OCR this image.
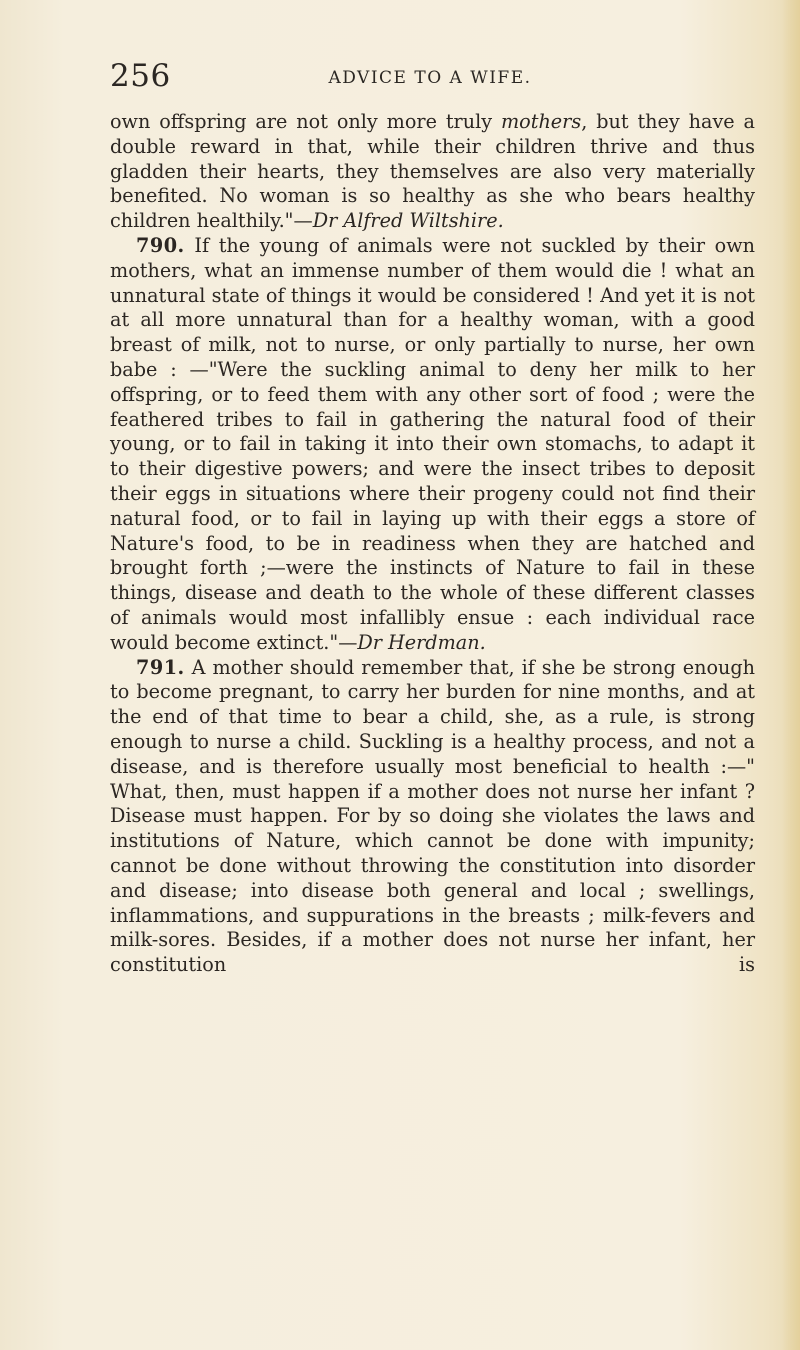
256	ADVICE TO A WIFE.

own offspring are not only more truly mothers, but they have a double reward in that, while their children thrive and thus gladden their hearts, they themselves are also very materially benefited. No woman is so healthy as she who bears healthy children healthily."—Dr Alfred Wiltshire.

790. If the young of animals were not suckled by their own mothers, what an immense number of them would die ! what an unnatural state of things it would be considered ! And yet it is not at all more unnatural than for a healthy woman, with a good breast of milk, not to nurse, or only partially to nurse, her own babe : —"Were the suckling animal to deny her milk to her offspring, or to feed them with any other sort of food ; were the feathered tribes to fail in gathering the natural food of their young, or to fail in taking it into their own stomachs, to adapt it to their digestive powers; and were the insect tribes to deposit their eggs in situations where their progeny could not find their natural food, or to fail in laying up with their eggs a store of Nature's food, to be in readiness when they are hatched and brought forth ;—were the instincts of Nature to fail in these things, disease and death to the whole of these different classes of animals would most infallibly ensue : each individual race would become extinct."—Dr Herdman.

791. A mother should remember that, if she be strong enough to become pregnant, to carry her burden for nine months, and at the end of that time to bear a child, she, as a rule, is strong enough to nurse a child. Suckling is a healthy process, and not a disease, and is therefore usually most beneficial to health :—" What, then, must happen if a mother does not nurse her infant ? Disease must happen. For by so doing she violates the laws and institutions of Nature, which cannot be done with impunity; cannot be done without throwing the constitution into disorder and disease; into disease both general and local ; swellings, inflammations, and suppurations in the breasts ; milk-fevers and milk-sores. Besides, if a mother does not nurse her infant, her constitution is
